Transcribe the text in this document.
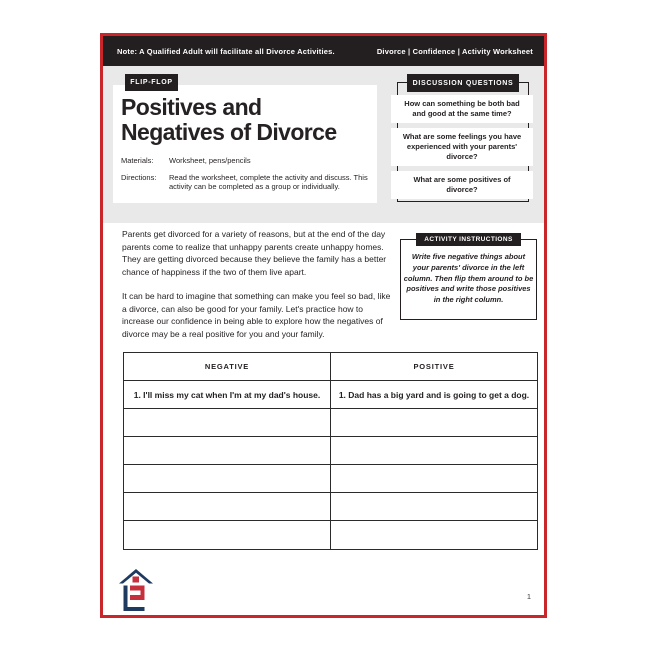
Note: A Qualified Adult will facilitate all Divorce Activities.	Divorce | Confidence | Activity Worksheet
FLIP-FLOP
Positives and
Negatives of Divorce
Materials:	Worksheet, pens/pencils
Directions:	Read the worksheet, complete the activity and discuss. This activity can be completed as a group or individually.
DISCUSSION QUESTIONS
How can something be both bad and good at the same time?
What are some feelings you have experienced with your parents' divorce?
What are some positives of divorce?

Parents get divorced for a variety of reasons, but at the end of the day parents come to realize that unhappy parents create unhappy homes. They are getting divorced because they believe the family has a better chance of happiness if the two of them live apart.

It can be hard to imagine that something can make you feel so bad, like a divorce, can also be good for your family. Let's practice how to increase our confidence in being able to explore how the negatives of divorce may be a real positive for you and your family.

ACTIVITY INSTRUCTIONS
Write five negative things about your parents' divorce in the left column. Then flip them around to be positives and write those positives in the right column.
NEGATIVE	POSITIVE
1. I'll miss my cat when I'm at my dad's house.	1. Dad has a big yard and is going to get a dog.
1
